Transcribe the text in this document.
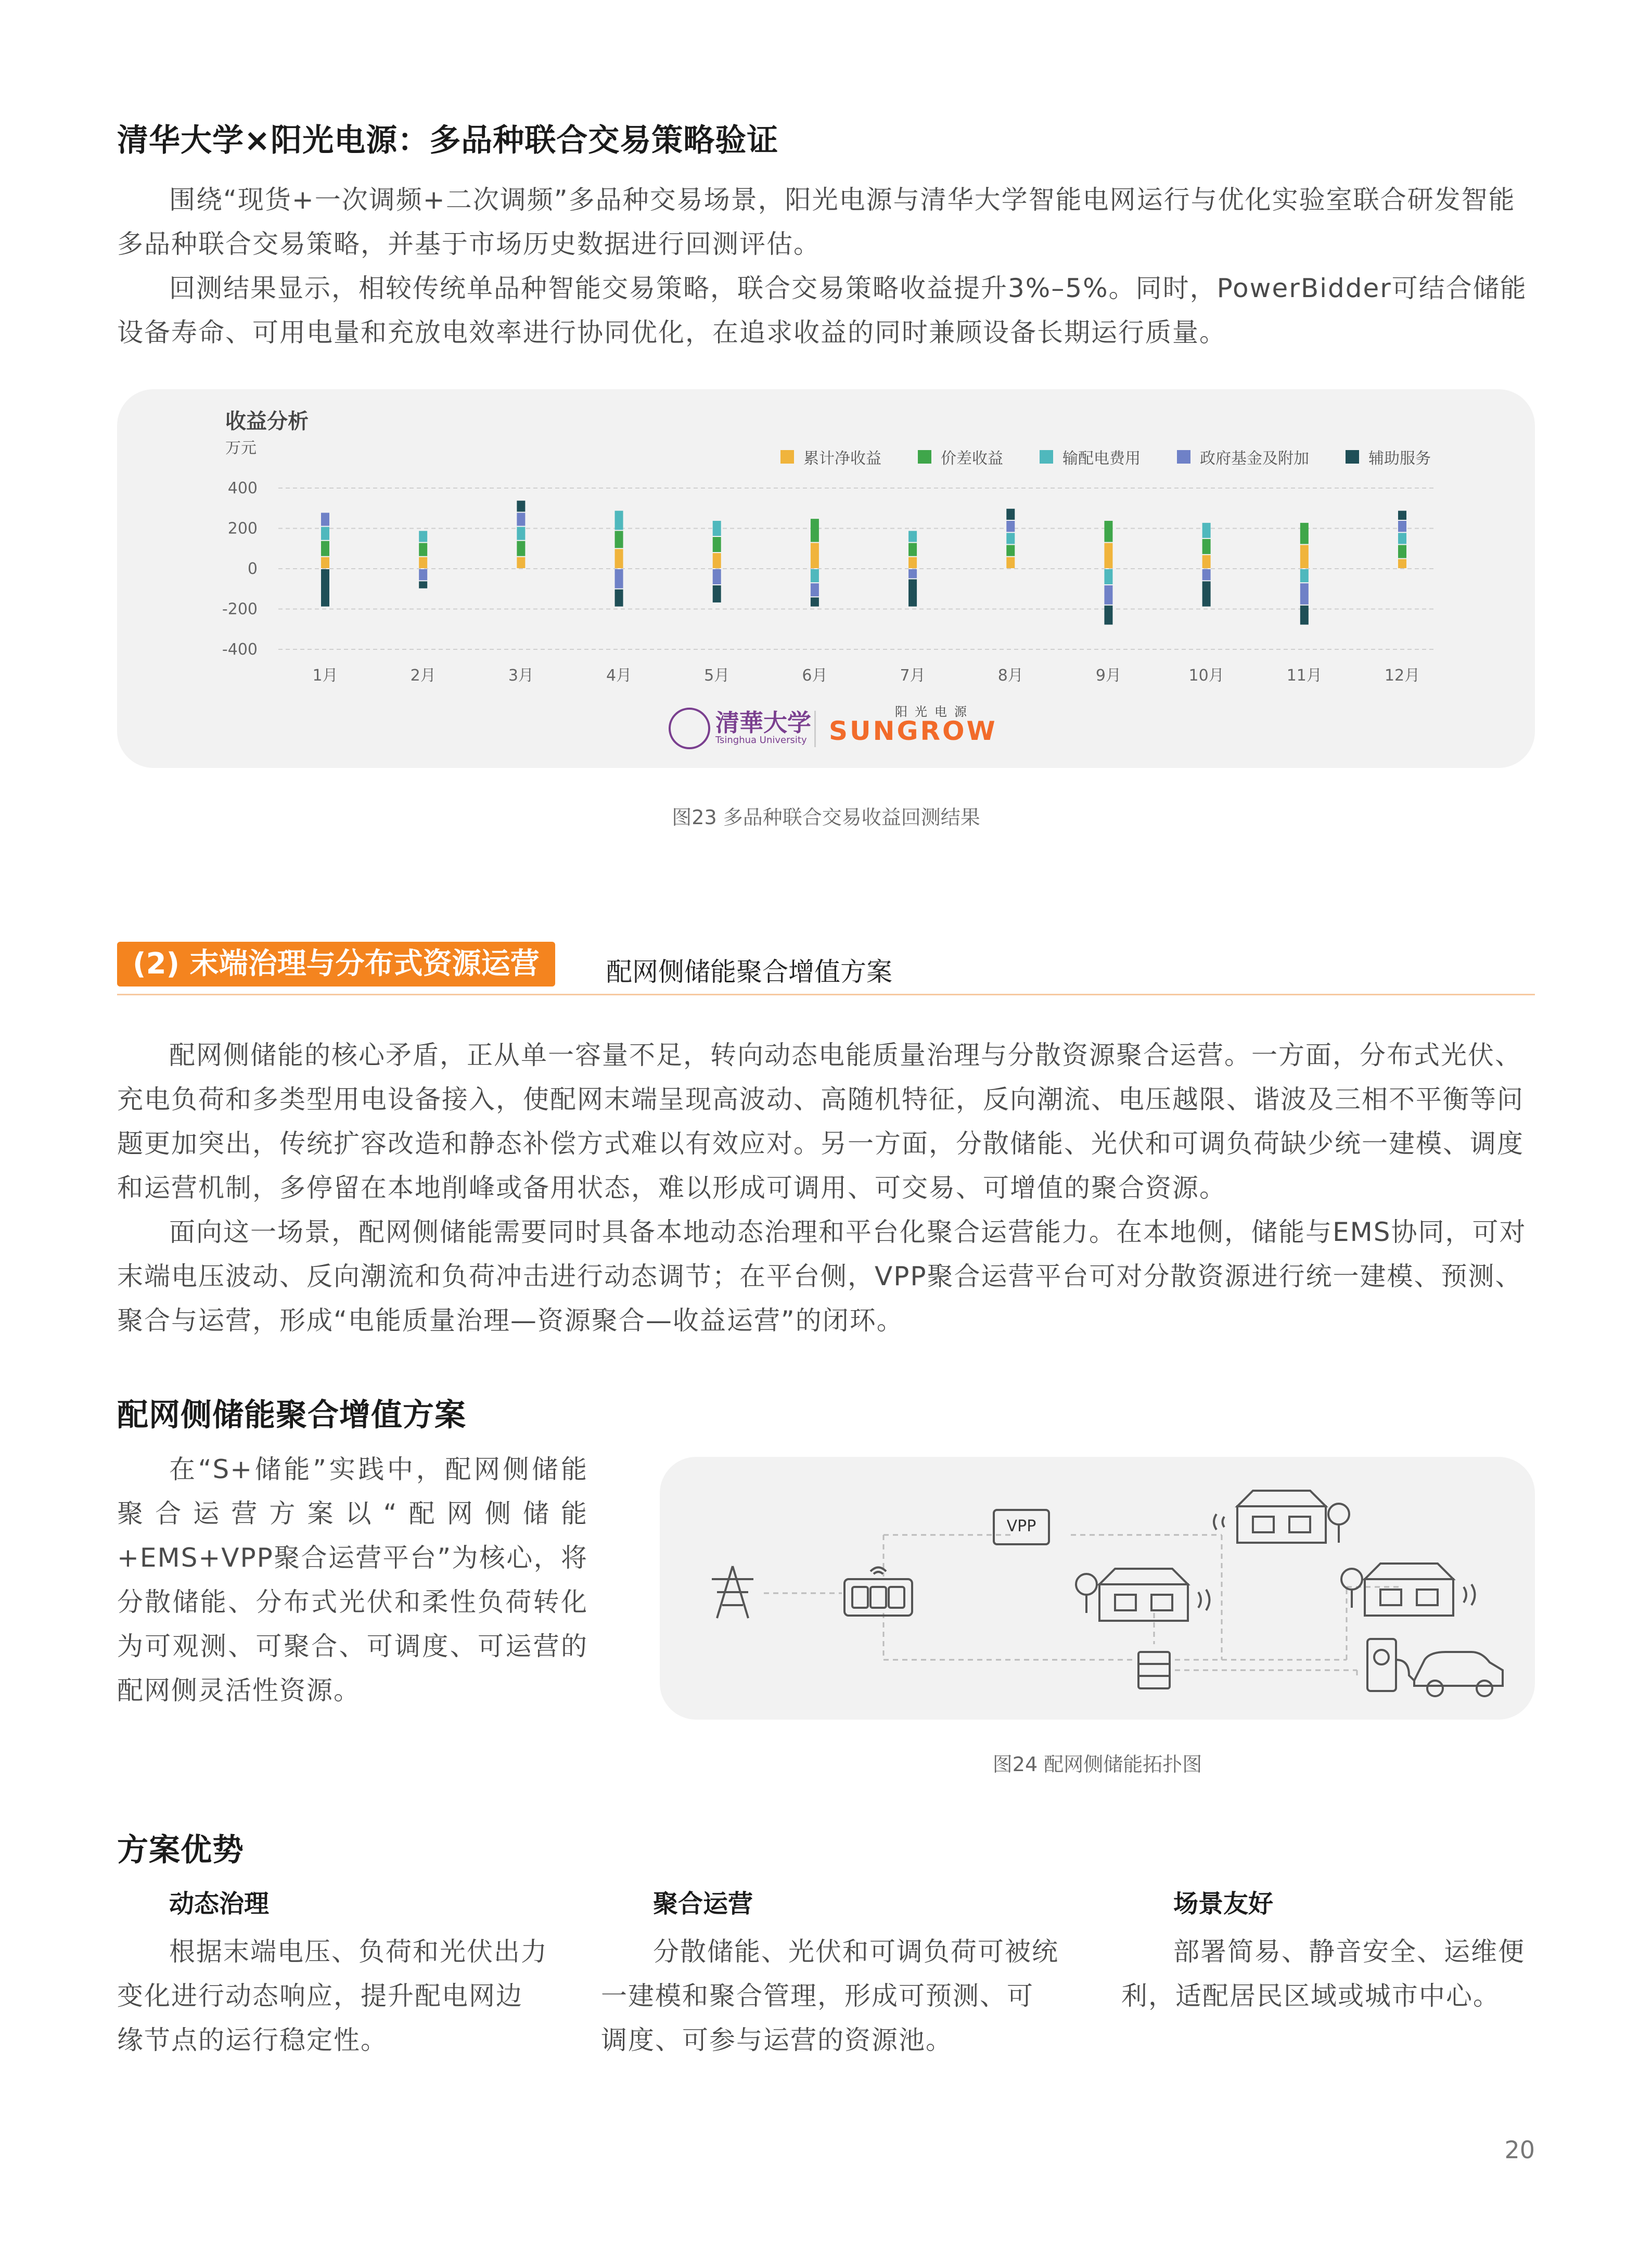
清华大学×阳光电源：多品种联合交易策略验证

围绕“现货+一次调频+二次调频”多品种交易场景，阳光电源与清华大学智能电网运行与优化实验室联合研发智能多品种联合交易策略，并基于市场历史数据进行回测评估。

回测结果显示，相较传统单品种智能交易策略，联合交易策略收益提升3%–5%。同时，PowerBidder可结合储能设备寿命、可用电量和充放电效率进行协同优化，在追求收益的同时兼顾设备长期运行质量。

收益分析
万元
累计净收益	价差收益	输配电费用	政府基金及附加	辅助服务
400
200
0
-200
-400
1月	2月	3月	4月	5月	6月	7月	8月	9月	10月	11月	12月
清華大学
Tsinghua University
阳光电源
SUNGROW
图23 多品种联合交易收益回测结果
(2) 末端治理与分布式资源运营	配网侧储能聚合增值方案

配网侧储能的核心矛盾，正从单一容量不足，转向动态电能质量治理与分散资源聚合运营。一方面，分布式光伏、充电负荷和多类型用电设备接入，使配网末端呈现高波动、高随机特征，反向潮流、电压越限、谐波及三相不平衡等问题更加突出，传统扩容改造和静态补偿方式难以有效应对。另一方面，分散储能、光伏和可调负荷缺少统一建模、调度和运营机制，多停留在本地削峰或备用状态，难以形成可调用、可交易、可增值的聚合资源。

面向这一场景，配网侧储能需要同时具备本地动态治理和平台化聚合运营能力。在本地侧，储能与EMS协同，可对末端电压波动、反向潮流和负荷冲击进行动态调节；在平台侧，VPP聚合运营平台可对分散资源进行统一建模、预测、聚合与运营，形成“电能质量治理—资源聚合—收益运营”的闭环。

配网侧储能聚合增值方案

在“S+储能”实践中，配网侧储能聚合运营方案以“配网侧储能+EMS+VPP聚合运营平台”为核心，将分散储能、分布式光伏和柔性负荷转化为可观测、可聚合、可调度、可运营的配网侧灵活性资源。

VPP
图24 配网侧储能拓扑图
方案优势
动态治理

根据末端电压、负荷和光伏出力变化进行动态响应，提升配电网边缘节点的运行稳定性。

聚合运营

分散储能、光伏和可调负荷可被统一建模和聚合管理，形成可预测、可调度、可参与运营的资源池。

场景友好

部署简易、静音安全、运维便利，适配居民区域或城市中心。

20
